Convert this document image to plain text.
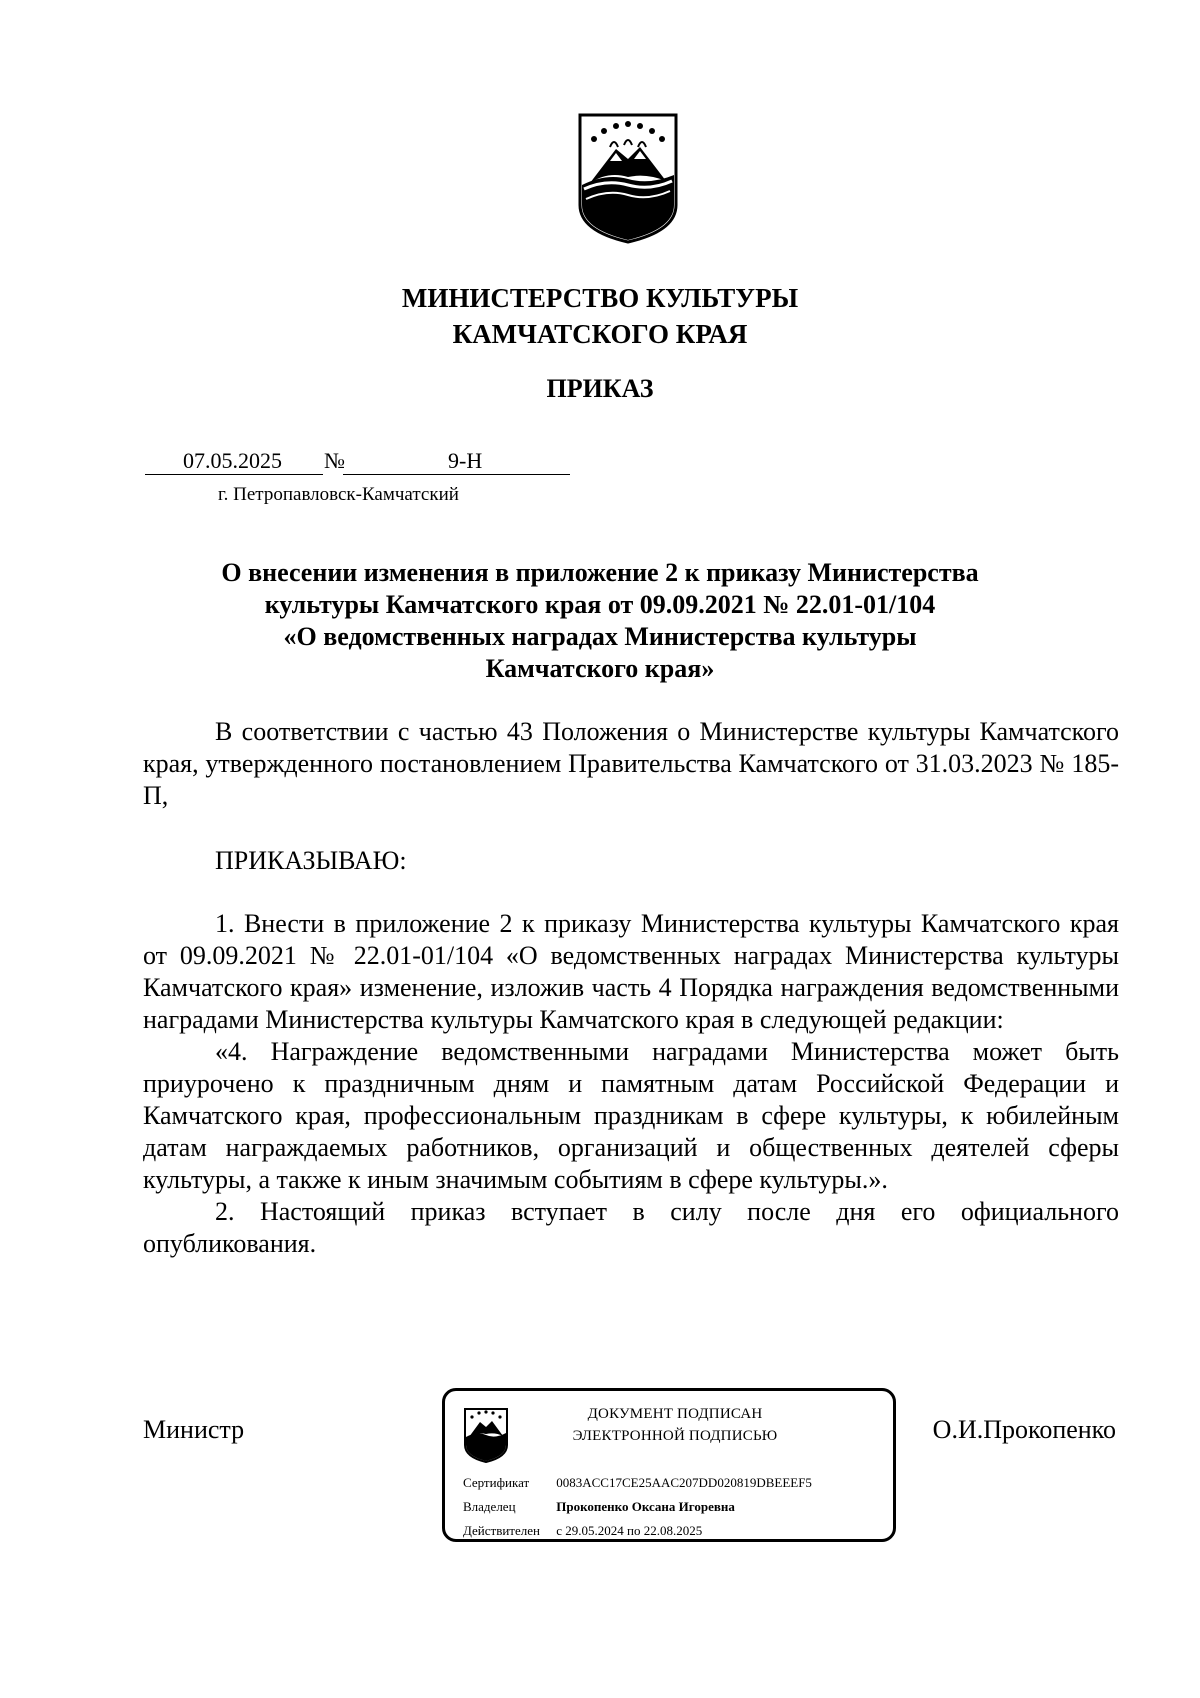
МИНИСТЕРСТВО КУЛЬТУРЫ
КАМЧАТСКОГО КРАЯ
ПРИКАЗ
07.05.2025 №	9-Н
г. Петропавловск-Камчатский
О внесении изменения в приложение 2 к приказу Министерства
культуры Камчатского края от 09.09.2021 № 22.01-01/104
«О ведомственных наградах Министерства культуры
Камчатского края»

В соответствии с частью 43 Положения о Министерстве культуры Камчатского края, утвержденного постановлением Правительства Камчатского от 31.03.2023 № 185-П,

ПРИКАЗЫВАЮ:

1. Внести в приложение 2 к приказу Министерства культуры Камчатского края от 09.09.2021 № 22.01-01/104 «О ведомственных наградах Министерства культуры Камчатского края» изменение, изложив часть 4 Порядка награждения ведомственными наградами Министерства культуры Камчатского края в следующей редакции:

«4. Награждение ведомственными наградами Министерства может быть приурочено к праздничным дням и памятным датам Российской Федерации и Камчатского края, профессиональным праздникам в сфере культуры, к юбилейным датам награждаемых работников, организаций и общественных деятелей сферы культуры, а также к иным значимым событиям в сфере культуры.».

2. Настоящий приказ вступает в силу после дня его официального опубликования.

Министр
ДОКУМЕНТ ПОДПИСАН
ЭЛЕКТРОННОЙ ПОДПИСЬЮ
Сертификат 0083ACC17CE25AAC207DD020819DBEEEF5
Владелец	Прокопенко Оксана Игоревна
Действителен с 29.05.2024 по 22.08.2025
О.И.Прокопенко
